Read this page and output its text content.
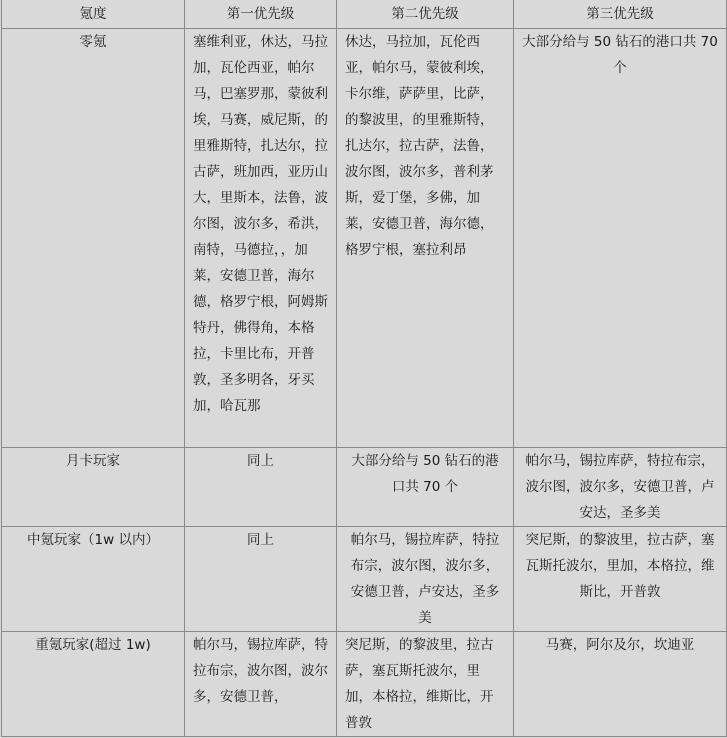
氪度	第一优先级	第二优先级	第三优先级
零氪	塞维利亚，休达，马拉加，瓦伦西亚，帕尔马，巴塞罗那，蒙彼利埃，马赛，威尼斯，的里雅斯特，扎达尔，拉古萨，班加西，亚历山大，里斯本，法鲁，波尔图，波尔多，希洪，南特，马德拉，，加莱，安德卫普，海尔德，格罗宁根，阿姆斯特丹，佛得角，本格拉，卡里比布，开普敦，圣多明各，牙买加，哈瓦那	休达，马拉加，瓦伦西亚，帕尔马，蒙彼利埃，卡尔维，萨萨里，比萨，的黎波里，的里雅斯特，扎达尔，拉古萨，法鲁，波尔图，波尔多，普利茅斯，爱丁堡，多佛，加莱，安德卫普，海尔德，格罗宁根，塞拉利昂	大部分给与 50 钻石的港口共 70 个
月卡玩家	同上	大部分给与 50 钻石的港口共 70 个	帕尔马，锡拉库萨，特拉布宗，波尔图，波尔多，安德卫普，卢安达，圣多美
中氪玩家（1w 以内）	同上	帕尔马，锡拉库萨，特拉布宗，波尔图，波尔多，安德卫普，卢安达，圣多美	突尼斯，的黎波里，拉古萨，塞瓦斯托波尔，里加，本格拉，维斯比，开普敦
重氪玩家(超过 1w)	帕尔马，锡拉库萨，特拉布宗，波尔图，波尔多，安德卫普，	突尼斯，的黎波里，拉古萨，塞瓦斯托波尔，里加，本格拉，维斯比，开普敦	马赛，阿尔及尔，坎迪亚
